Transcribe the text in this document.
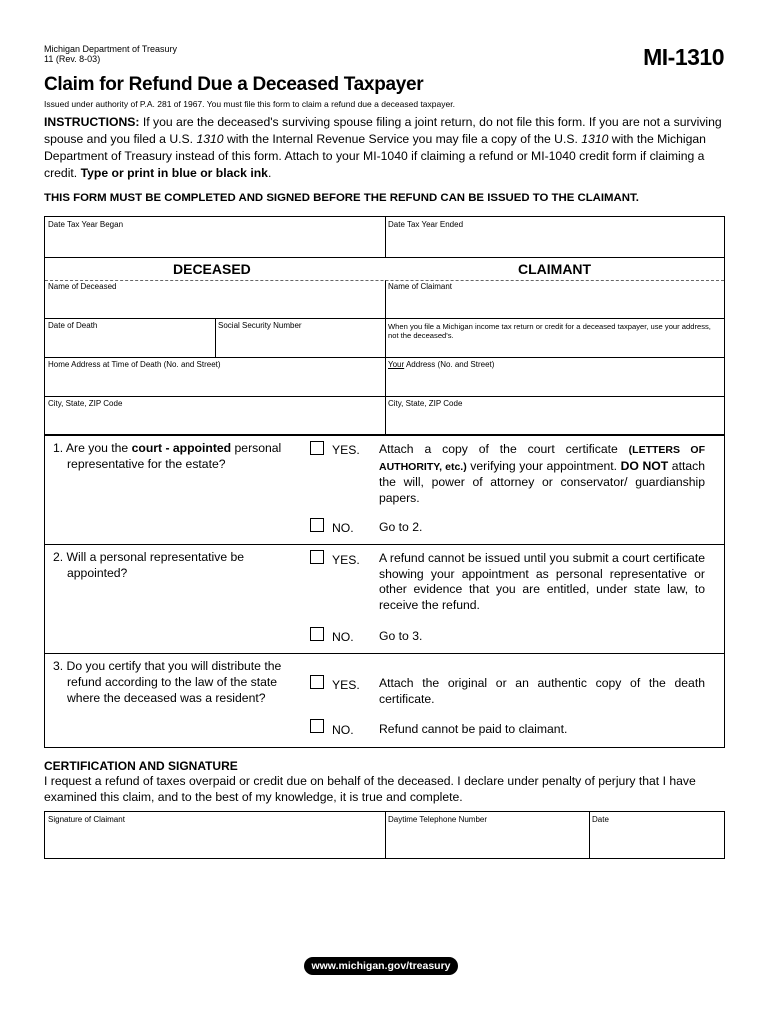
Michigan Department of Treasury
11 (Rev. 8-03)	MI-1310
Claim for Refund Due a Deceased Taxpayer
Issued under authority of P.A. 281 of 1967. You must file this form to claim a refund due a deceased taxpayer.
INSTRUCTIONS: If you are the deceased's surviving spouse filing a joint return, do not file this form. If you are not a surviving spouse and you filed a U.S. 1310 with the Internal Revenue Service you may file a copy of the U.S. 1310 with the Michigan Department of Treasury instead of this form. Attach to your MI-1040 if claiming a refund or MI-1040 credit form if claiming a credit. Type or print in blue or black ink.
THIS FORM MUST BE COMPLETED AND SIGNED BEFORE THE REFUND CAN BE ISSUED TO THE CLAIMANT.
Date Tax Year Began	Date Tax Year Ended
DECEASED	CLAIMANT
Name of Deceased	Name of Claimant
Date of Death	Social Security Number	When you file a Michigan income tax return or credit for a deceased taxpayer, use your address, not the deceased's.
Home Address at Time of Death (No. and Street)	Your Address (No. and Street)
City, State, ZIP Code	City, State, ZIP Code
1. Are you the court - appointed personal
representative for the estate?
YES. Attach a copy of the court certificate (LETTERS OF AUTHORITY, etc.) verifying your appointment. DO NOT attach the will, power of attorney or conservator/ guardianship papers.
NO. Go to 2.
2. Will a personal representative be
appointed?
YES. A refund cannot be issued until you submit a court certificate showing your appointment as personal representative or other evidence that you are entitled, under state law, to receive the refund.
NO. Go to 3.
3. Do you certify that you will distribute the
refund according to the law of the state
where the deceased was a resident?
YES. Attach the original or an authentic copy of the death certificate.
NO. Refund cannot be paid to claimant.
CERTIFICATION AND SIGNATURE
I request a refund of taxes overpaid or credit due on behalf of the deceased. I declare under penalty of perjury that I have examined this claim, and to the best of my knowledge, it is true and complete.
Signature of Claimant	Daytime Telephone Number	Date
www.michigan.gov/treasury
